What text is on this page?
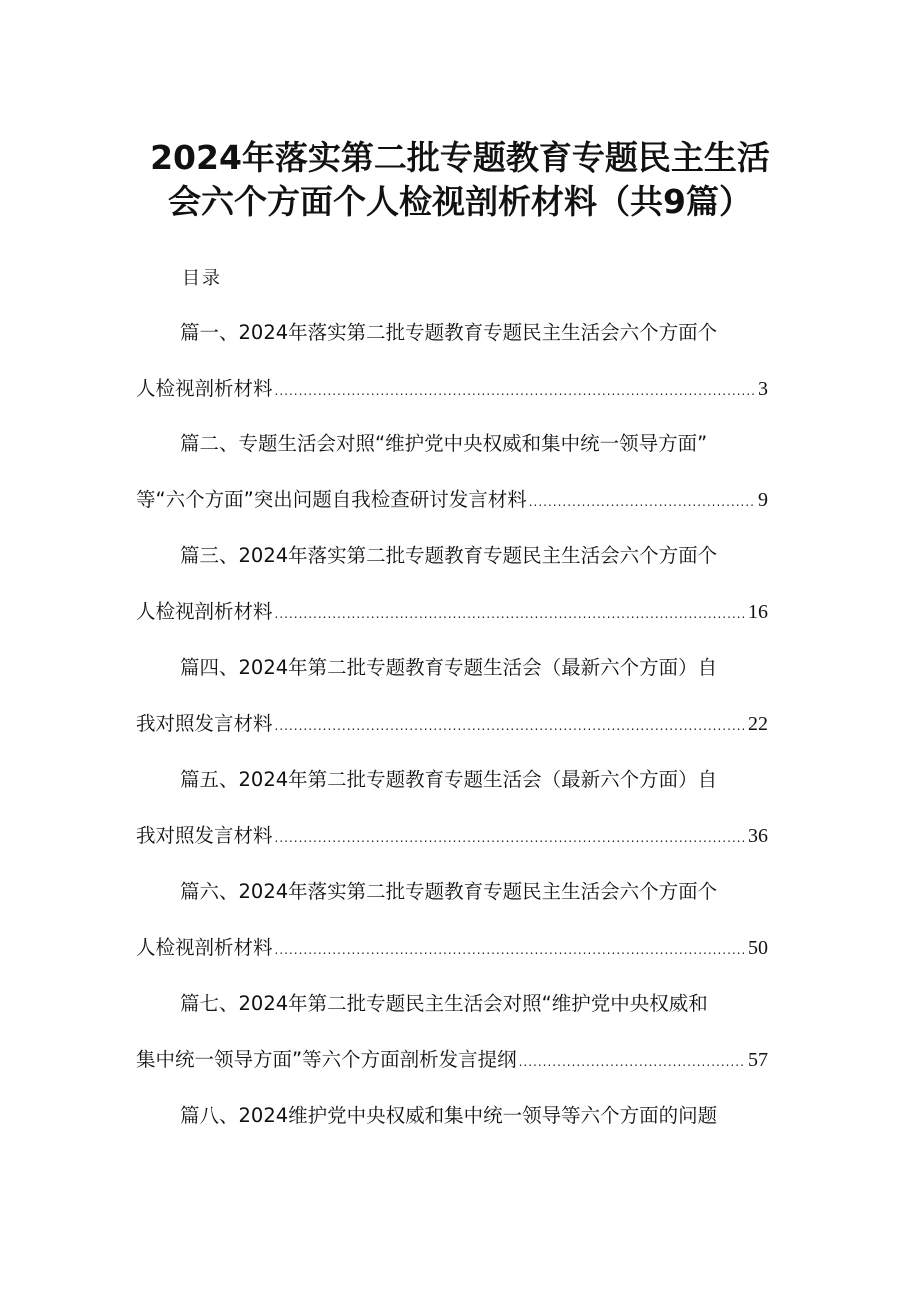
2024年落实第二批专题教育专题民主生活
会六个方面个人检视剖析材料（共9篇）
目录
篇一、2024年落实第二批专题教育专题民主生活会六个方面个
人检视剖析材料 .....	3
篇二、专题生活会对照“维护党中央权威和集中统一领导方面”
等“六个方面”突出问题自我检查研讨发言材料 .....	9
篇三、2024年落实第二批专题教育专题民主生活会六个方面个
人检视剖析材料 .....	16
篇四、2024年第二批专题教育专题生活会（最新六个方面）自
我对照发言材料 .....	22
篇五、2024年第二批专题教育专题生活会（最新六个方面）自
我对照发言材料 .....	36
篇六、2024年落实第二批专题教育专题民主生活会六个方面个
人检视剖析材料 .....	50
篇七、2024年第二批专题民主生活会对照“维护党中央权威和
集中统一领导方面”等六个方面剖析发言提纲 .....	57
篇八、2024维护党中央权威和集中统一领导等六个方面的问题
